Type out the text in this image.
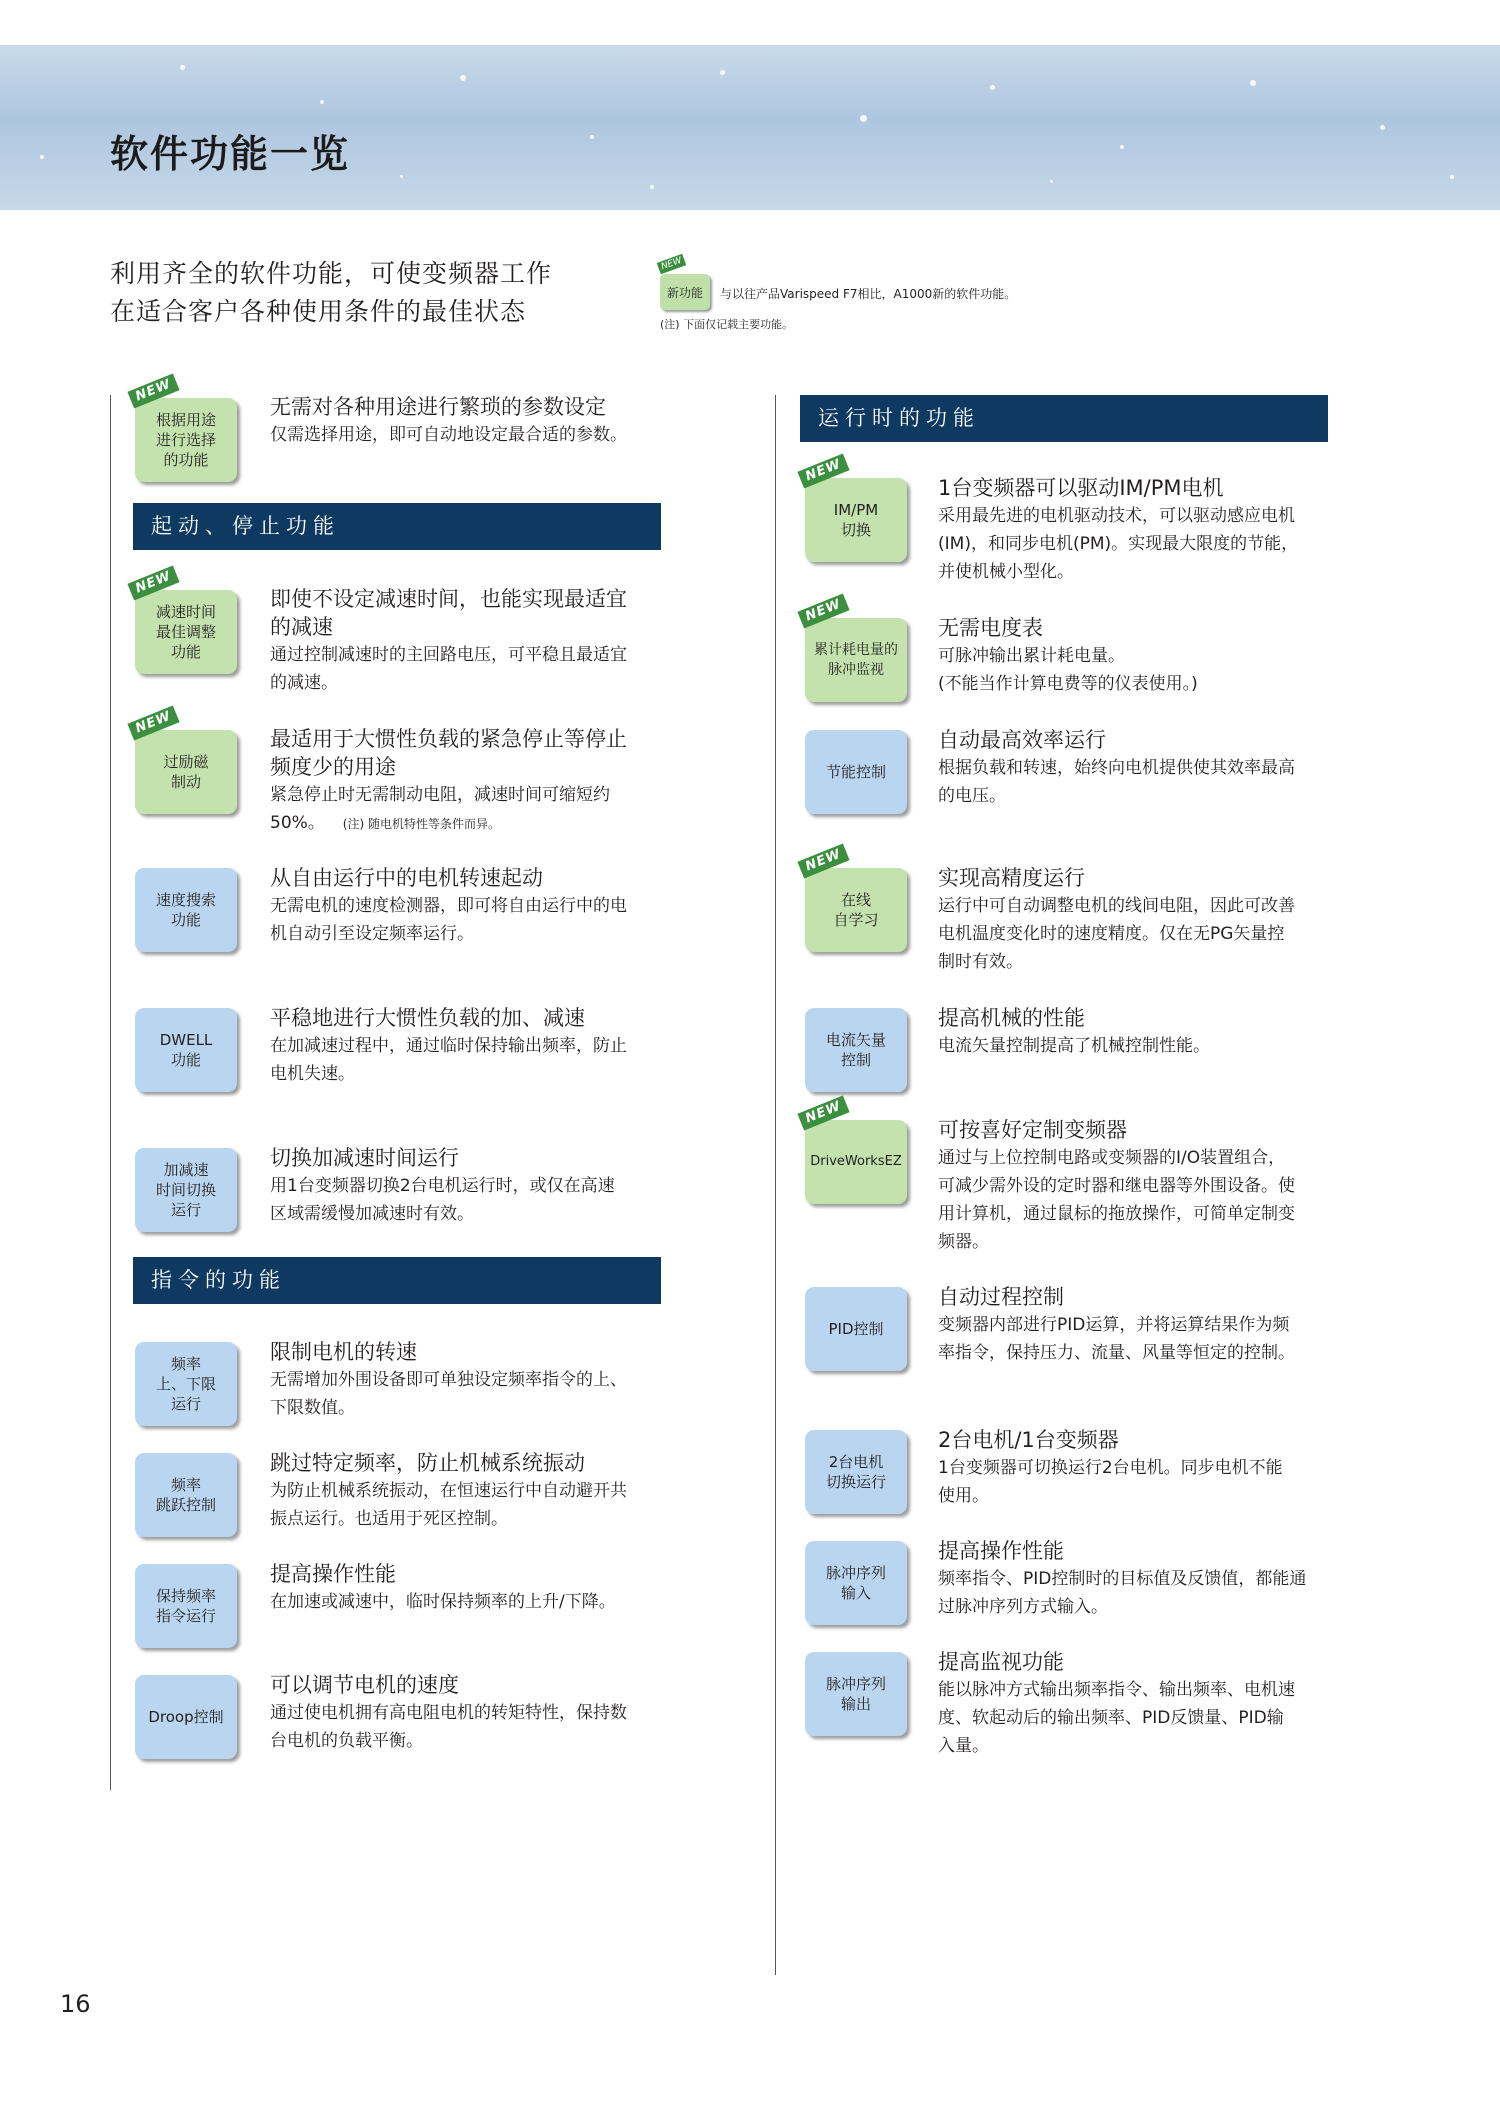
软件功能一览
利用齐全的软件功能，可使变频器工作
在适合客户各种使用条件的最佳状态
新功能
NEW
与以往产品Varispeed F7相比，A1000新的软件功能。
(注) 下面仅记载主要功能。
NEW
根据用途
进行选择
的功能
无需对各种用途进行繁琐的参数设定
仅需选择用途，即可自动地设定最合适的参数。
起动、停止功能
NEW
减速时间
最佳调整
功能
即使不设定减速时间，也能实现最适宜
的减速
通过控制减速时的主回路电压，可平稳且最适宜
的减速。
NEW
过励磁
制动
最适用于大惯性负载的紧急停止等停止
频度少的用途
紧急停止时无需制动电阻，减速时间可缩短约
50%。 (注) 随电机特性等条件而异。
速度搜索
功能
从自由运行中的电机转速起动
无需电机的速度检测器，即可将自由运行中的电
机自动引至设定频率运行。
DWELL
功能
平稳地进行大惯性负载的加、减速
在加减速过程中，通过临时保持输出频率，防止
电机失速。
加减速
时间切换
运行
切换加减速时间运行
用1台变频器切换2台电机运行时，或仅在高速
区域需缓慢加减速时有效。
指令的功能
频率
上、下限
运行
限制电机的转速
无需增加外围设备即可单独设定频率指令的上、
下限数值。
频率
跳跃控制
跳过特定频率，防止机械系统振动
为防止机械系统振动，在恒速运行中自动避开共
振点运行。也适用于死区控制。
保持频率
指令运行
提高操作性能
在加速或减速中，临时保持频率的上升/下降。
Droop控制
可以调节电机的速度
通过使电机拥有高电阻电机的转矩特性，保持数
台电机的负载平衡。
运行时的功能
NEW
IM/PM
切换
1台变频器可以驱动IM/PM电机
采用最先进的电机驱动技术，可以驱动感应电机
(IM)，和同步电机(PM)。实现最大限度的节能，
并使机械小型化。
NEW
累计耗电量的
脉冲监视
无需电度表
可脉冲输出累计耗电量。
(不能当作计算电费等的仪表使用。)
节能控制
自动最高效率运行
根据负载和转速，始终向电机提供使其效率最高
的电压。
NEW
在线
自学习
实现高精度运行
运行中可自动调整电机的线间电阻，因此可改善
电机温度变化时的速度精度。仅在无PG矢量控
制时有效。
电流矢量
控制
提高机械的性能
电流矢量控制提高了机械控制性能。
NEW
DriveWorksEZ
可按喜好定制变频器
通过与上位控制电路或变频器的I/O装置组合，
可减少需外设的定时器和继电器等外围设备。使
用计算机，通过鼠标的拖放操作，可简单定制变
频器。
PID控制
自动过程控制
变频器内部进行PID运算，并将运算结果作为频
率指令，保持压力、流量、风量等恒定的控制。
2台电机
切换运行
2台电机/1台变频器
1台变频器可切换运行2台电机。同步电机不能
使用。
脉冲序列
输入
提高操作性能
频率指令、PID控制时的目标值及反馈值，都能通
过脉冲序列方式输入。
脉冲序列
输出
提高监视功能
能以脉冲方式输出频率指令、输出频率、电机速
度、软起动后的输出频率、PID反馈量、PID输
入量。
16
